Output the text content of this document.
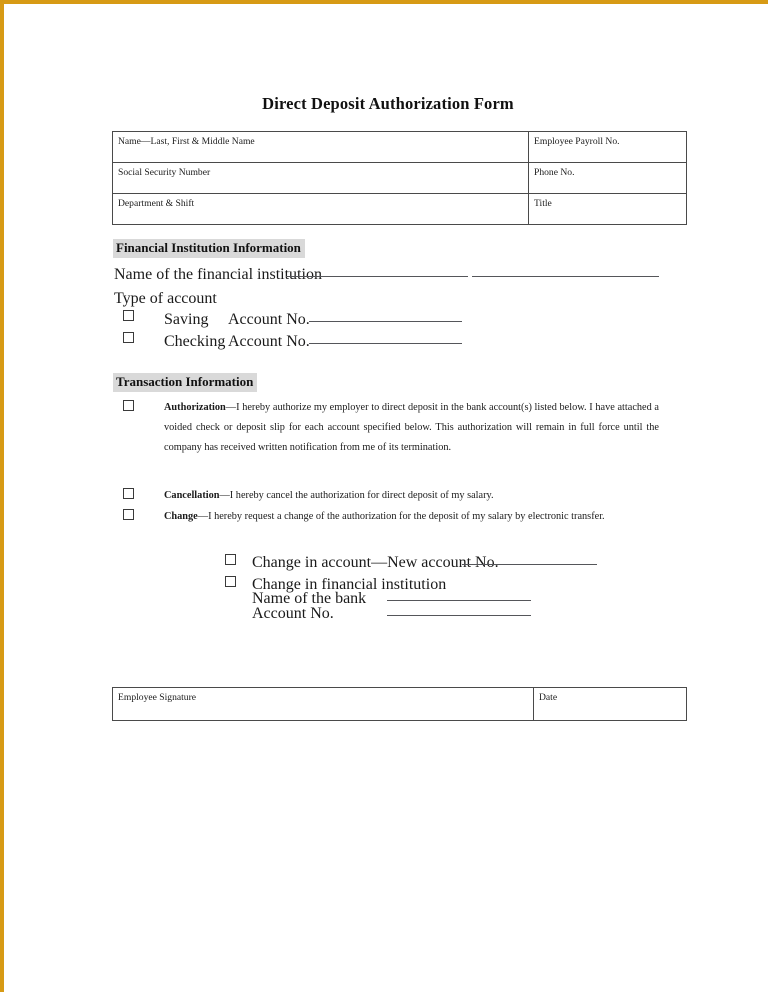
Direct Deposit Authorization Form
Name—Last, First & Middle Name	Employee Payroll No.
Social Security Number	Phone No.
Department & Shift	Title
Financial Institution Information
Name of the financial institution
Type of account
Saving Account No.
Checking Account No.
Transaction Information
Authorization—I hereby authorize my employer to direct deposit in the bank account(s) listed below. I have attached a voided check or deposit slip for each account specified below. This authorization will remain in full force until the company has received written notification from me of its termination.
Cancellation—I hereby cancel the authorization for direct deposit of my salary.
Change—I hereby request a change of the authorization for the deposit of my salary by electronic transfer.
Change in account—New account No.
Change in financial institution
Name of the bank
Account No.
Employee Signature	Date
